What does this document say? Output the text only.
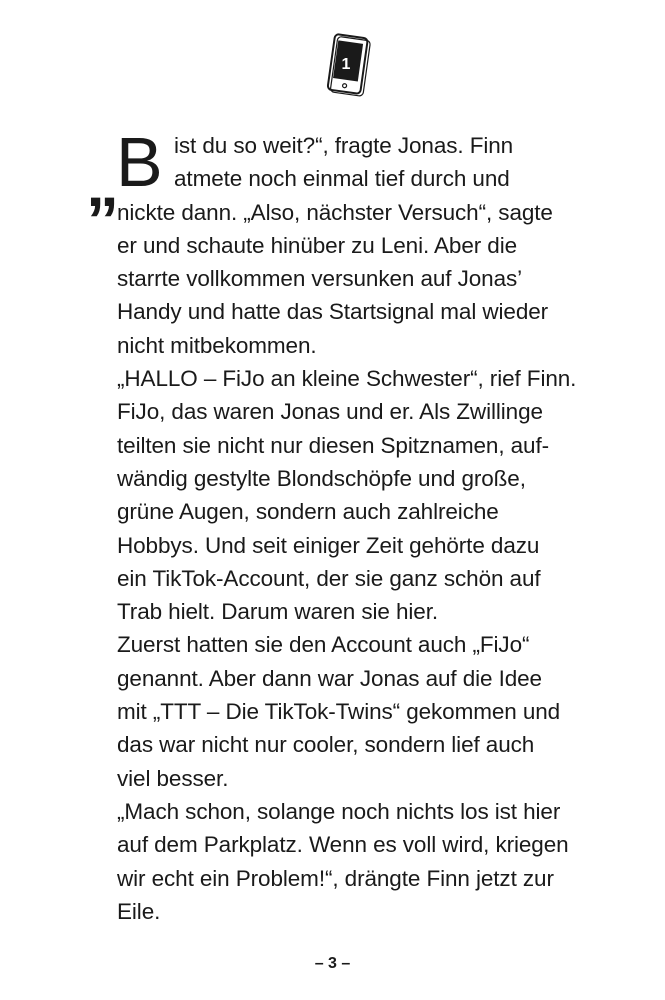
1
„
B ist du so weit?“, fragte Jonas. Finn
atmete noch einmal tief durch und
nickte dann. „Also, nächster Versuch“, sagte
er und schaute hinüber zu Leni. Aber die
starrte vollkommen versunken auf Jonas’
Handy und hatte das Startsignal mal wieder
nicht mitbekommen.
„HALLO – FiJo an kleine Schwester“, rief Finn.
FiJo, das waren Jonas und er. Als Zwillinge
teilten sie nicht nur diesen Spitznamen, auf-
wändig gestylte Blondschöpfe und große,
grüne Augen, sondern auch zahlreiche
Hobbys. Und seit einiger Zeit gehörte dazu
ein TikTok-Account, der sie ganz schön auf
Trab hielt. Darum waren sie hier.
Zuerst hatten sie den Account auch „FiJo“
genannt. Aber dann war Jonas auf die Idee
mit „TTT – Die TikTok-Twins“ gekommen und
das war nicht nur cooler, sondern lief auch
viel besser.
„Mach schon, solange noch nichts los ist hier
auf dem Parkplatz. Wenn es voll wird, kriegen
wir echt ein Problem!“, drängte Finn jetzt zur
Eile.
– 3 –
